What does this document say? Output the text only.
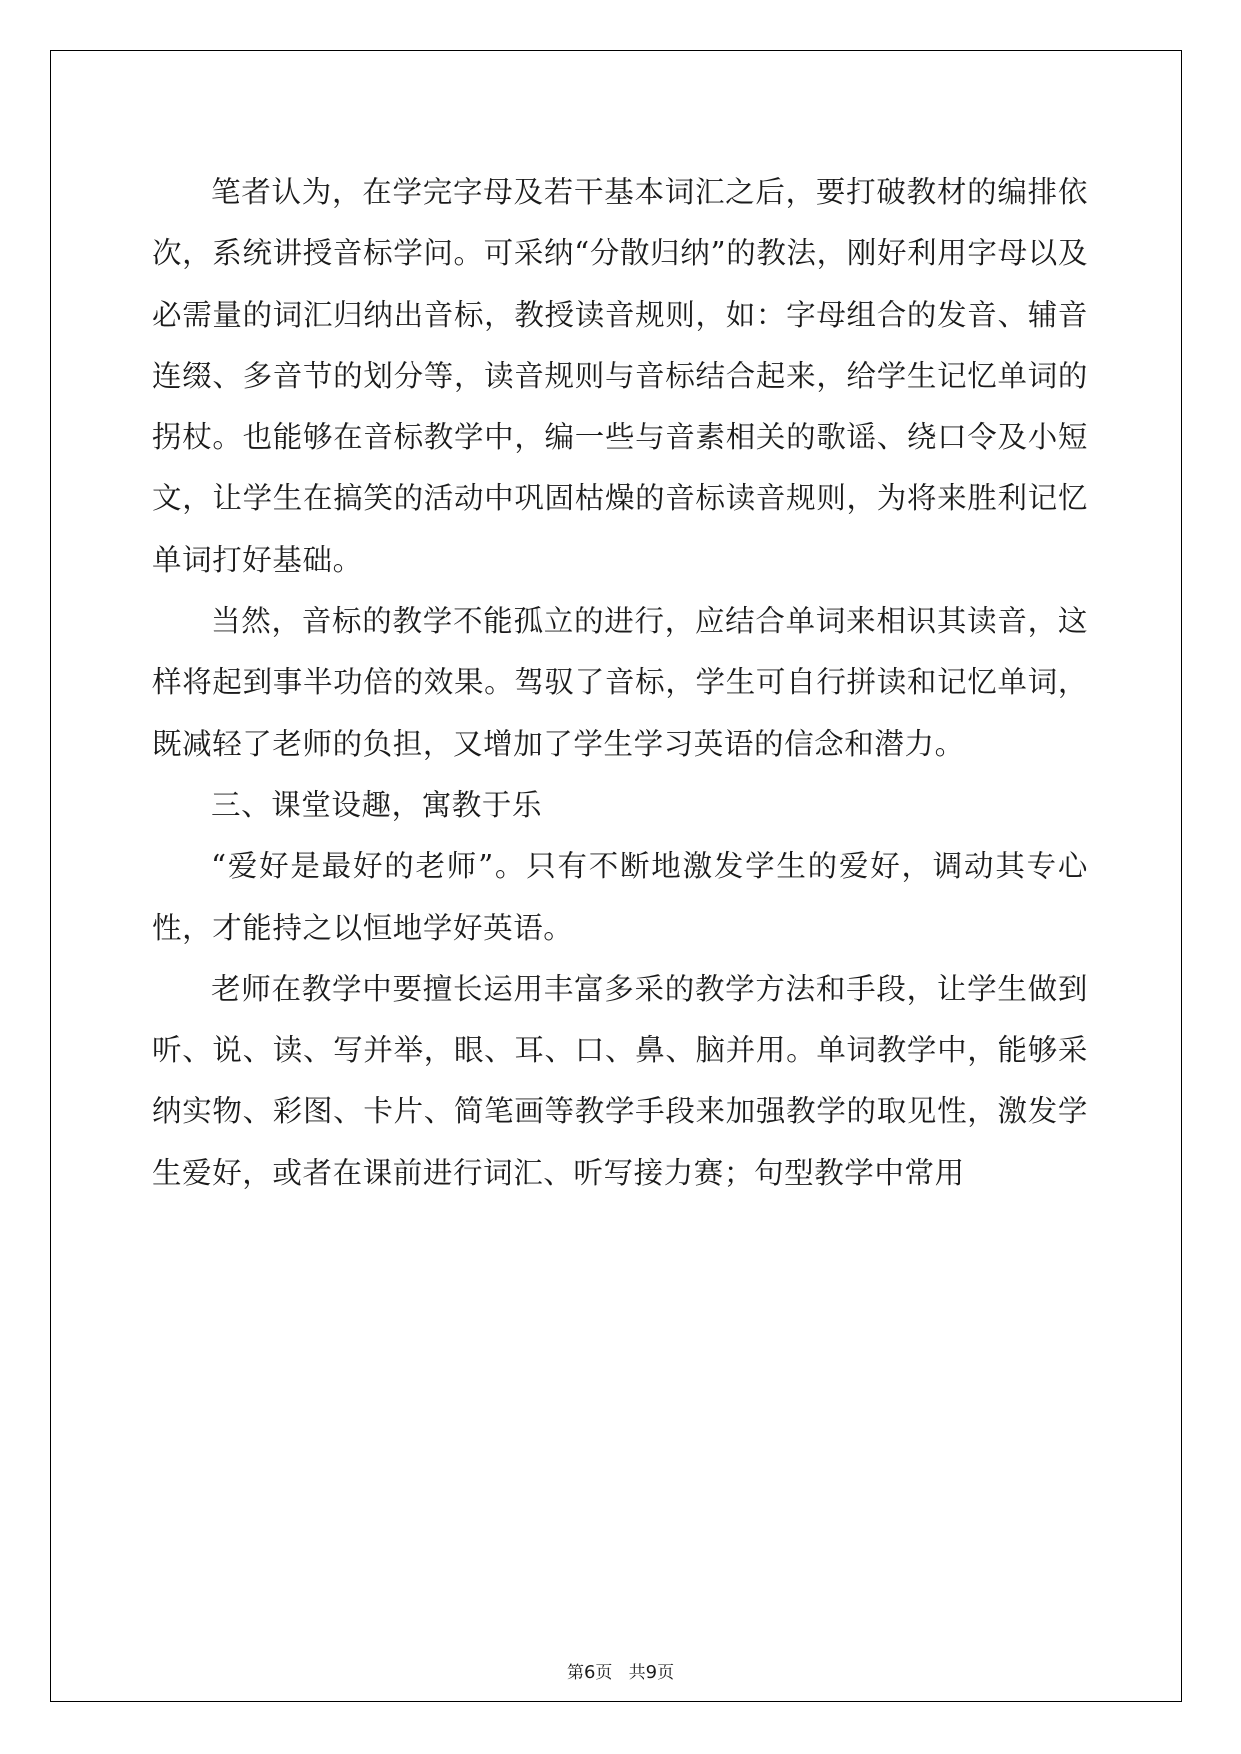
笔者认为，在学完字母及若干基本词汇之后，要打破教材的编排依次，系统讲授音标学问。可采纳“分散归纳”的教法，刚好利用字母以及必需量的词汇归纳出音标，教授读音规则，如：字母组合的发音、辅音连缀、多音节的划分等，读音规则与音标结合起来，给学生记忆单词的拐杖。也能够在音标教学中，编一些与音素相关的歌谣、绕口令及小短文，让学生在搞笑的活动中巩固枯燥的音标读音规则，为将来胜利记忆单词打好基础。

当然，音标的教学不能孤立的进行，应结合单词来相识其读音，这样将起到事半功倍的效果。驾驭了音标，学生可自行拼读和记忆单词，既减轻了老师的负担，又增加了学生学习英语的信念和潜力。

三、课堂设趣，寓教于乐

“爱好是最好的老师”。只有不断地激发学生的爱好，调动其专心性，才能持之以恒地学好英语。

老师在教学中要擅长运用丰富多采的教学方法和手段，让学生做到听、说、读、写并举，眼、耳、口、鼻、脑并用。单词教学中，能够采纳实物、彩图、卡片、简笔画等教学手段来加强教学的取见性，激发学生爱好，或者在课前进行词汇、听写接力赛；句型教学中常用

第6页   共9页
